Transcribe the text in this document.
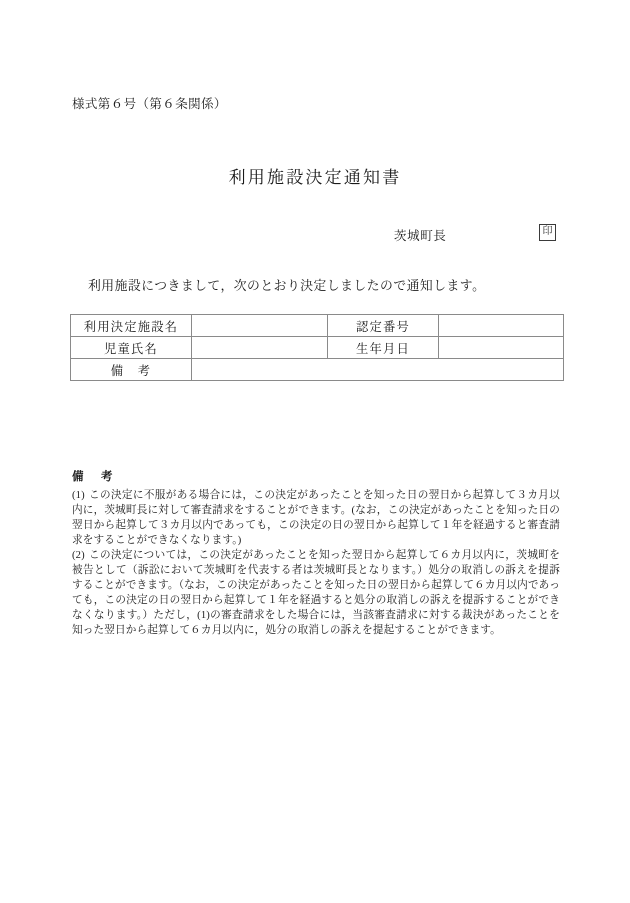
様式第６号（第６条関係）
利用施設決定通知書
茨城町長	印
利用施設につきまして，次のとおり決定しましたので通知します。
利用決定施設名		認定番号	
児童氏名		生年月日	
備　考			
備　考
(1) この決定に不服がある場合には，この決定があったことを知った日の翌日から起算して３カ月以内に，茨城町長に対して審査請求をすることができます。(なお，この決定があったことを知った日の翌日から起算して３カ月以内であっても，この決定の日の翌日から起算して１年を経過すると審査請求をすることができなくなります。)
(2) この決定については，この決定があったことを知った翌日から起算して６カ月以内に，茨城町を被告として（訴訟において茨城町を代表する者は茨城町長となります。）処分の取消しの訴えを提訴することができます。（なお，この決定があったことを知った日の翌日から起算して６カ月以内であっても，この決定の日の翌日から起算して１年を経過すると処分の取消しの訴えを提訴することができなくなります。）ただし，(1)の審査請求をした場合には，当該審査請求に対する裁決があったことを知った翌日から起算して６カ月以内に，処分の取消しの訴えを提起することができます。
